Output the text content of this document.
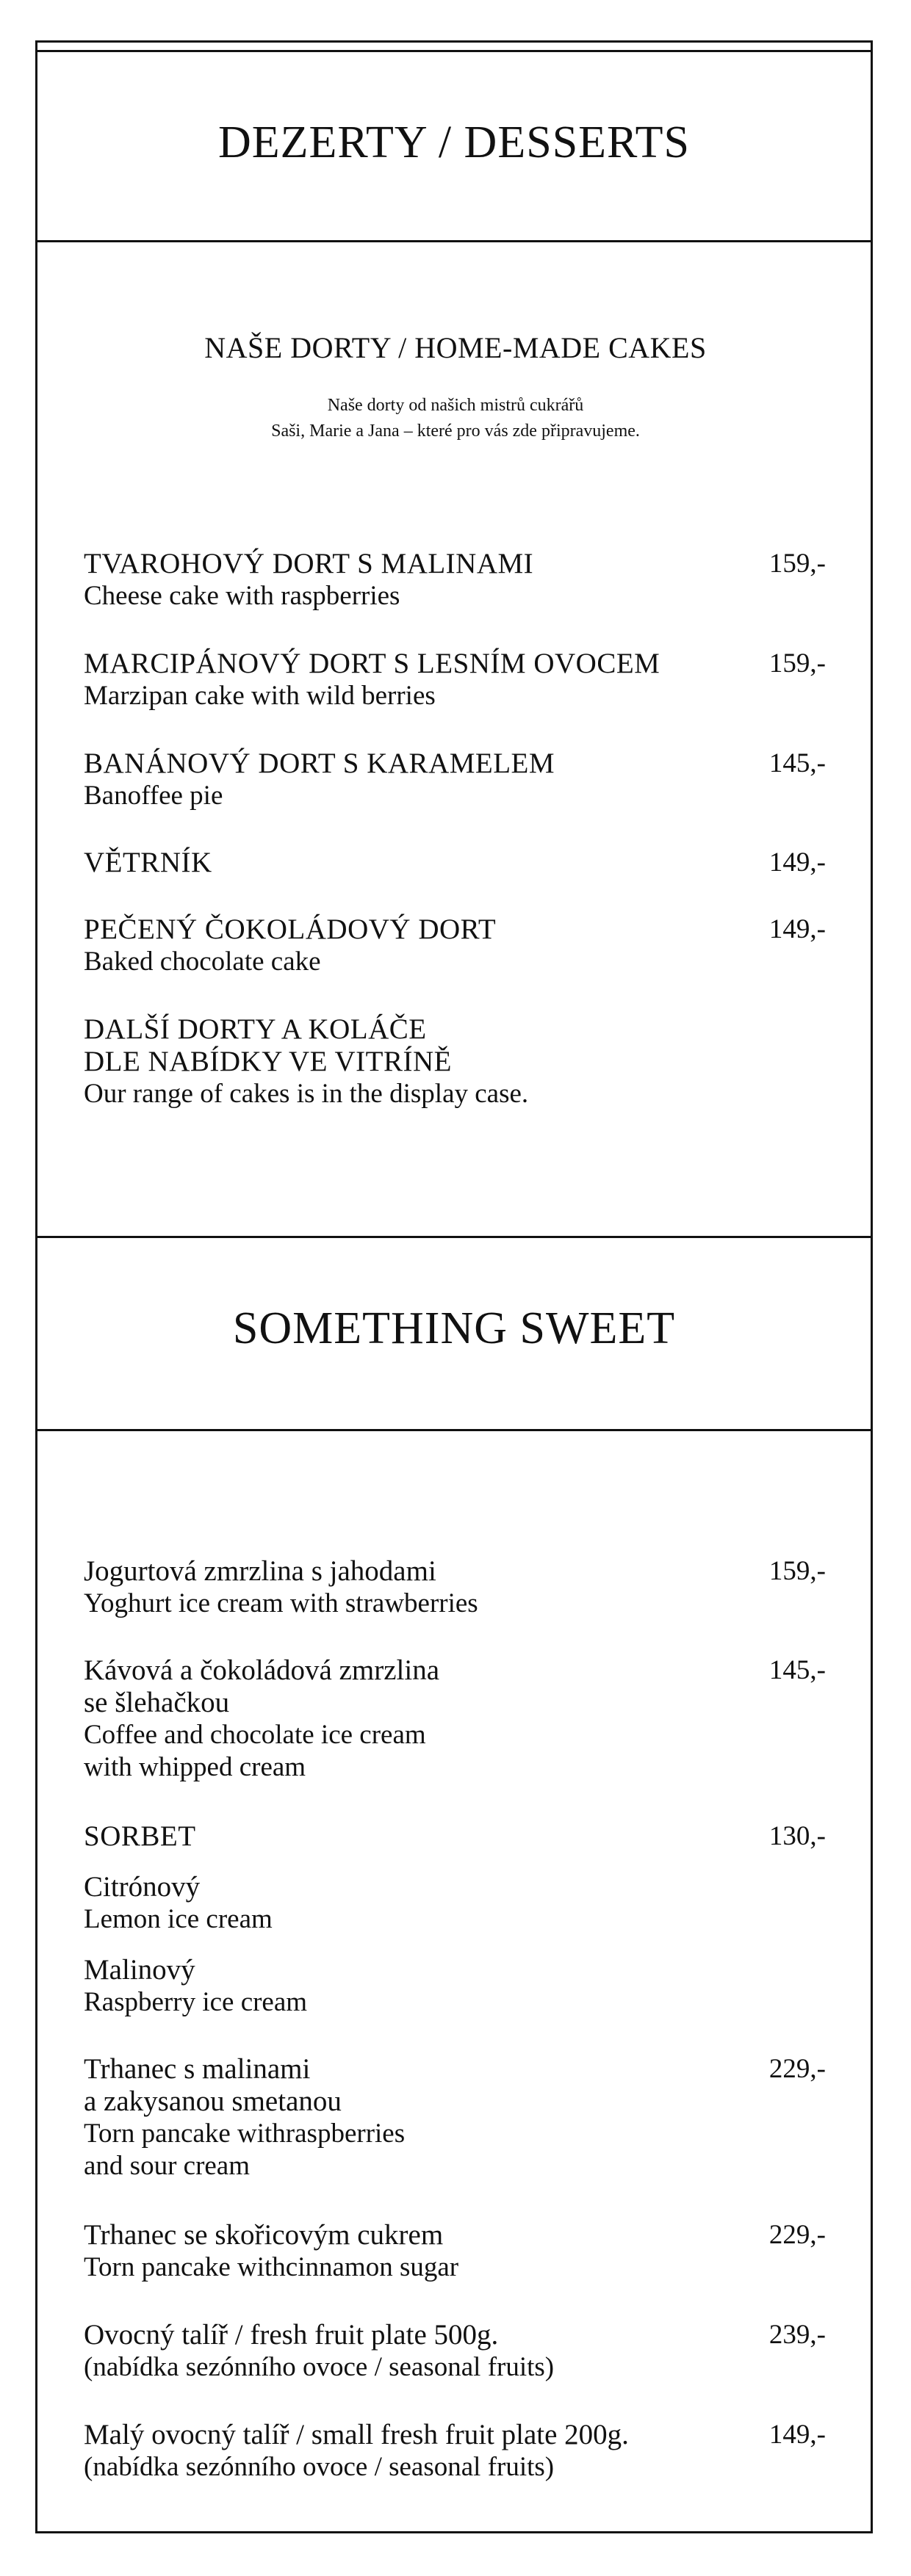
DEZERTY / DESSERTS
NAŠE DORTY / HOME-MADE CAKES
Naše dorty od našich mistrů cukrářů
Saši, Marie a Jana – které pro vás zde připravujeme.
TVAROHOVÝ DORT S MALINAMI
Cheese cake with raspberries
159,-
MARCIPÁNOVÝ DORT S LESNÍM OVOCEM
Marzipan cake with wild berries
159,-
BANÁNOVÝ DORT S KARAMELEM
Banoffee pie
145,-
VĚTRNÍK	149,-
PEČENÝ ČOKOLÁDOVÝ DORT
Baked chocolate cake
149,-
DALŠÍ DORTY A KOLÁČE
DLE NABÍDKY VE VITRÍNĚ
Our range of cakes is in the display case.
SOMETHING SWEET
Jogurtová zmrzlina s jahodami
Yoghurt ice cream with strawberries
159,-
Kávová a čokoládová zmrzlina
se šlehačkou
Coffee and chocolate ice cream
with whipped cream
145,-
SORBET	130,-
Citrónový
Lemon ice cream
Malinový
Raspberry ice cream
Trhanec s malinami
a zakysanou smetanou
Torn pancake withraspberries
and sour cream
229,-
Trhanec se skořicovým cukrem
Torn pancake withcinnamon sugar
229,-
Ovocný talíř / fresh fruit plate 500g.
(nabídka sezónního ovoce / seasonal fruits)
239,-
Malý ovocný talíř / small fresh fruit plate 200g.
(nabídka sezónního ovoce / seasonal fruits)
149,-
